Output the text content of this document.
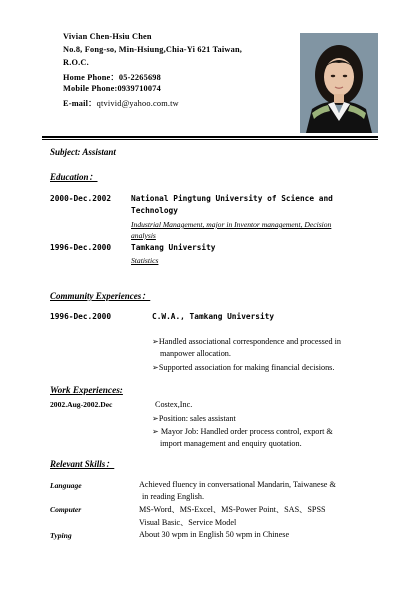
Vivian Chen-Hsiu Chen
No.8, Fong-so, Min-Hsiung,Chia-Yi 621 Taiwan,
R.O.C.
Home Phone：05-2265698
Mobile Phone:0939710074
E-mail：qtvivid@yahoo.com.tw
Subject: Assistant
Education：
2000-Dec.2002	National Pingtung University of Science and
Technology
Industrial Management, major in Inventor management, Decision
analysis
1996-Dec.2000	Tamkang University
Statistics
Community Experiences：
1996-Dec.2000	C.W.A., Tamkang University
➢Handled associational correspondence and processed in
manpower allocation.
➢Supported association for making financial decisions.
Work Experiences:
2002.Aug-2002.Dec	Costex,Inc.
➢Position: sales assistant
➢ Mayor Job: Handled order process control, export &
import management and enquiry quotation.
Relevant Skills：
Language	Achieved fluency in conversational Mandarin, Taiwanese &
in reading English.
Computer	MS-Word、MS-Excel、MS-Power Point、SAS、SPSS
Visual Basic、Service Model
Typing	About 30 wpm in English 50 wpm in Chinese
